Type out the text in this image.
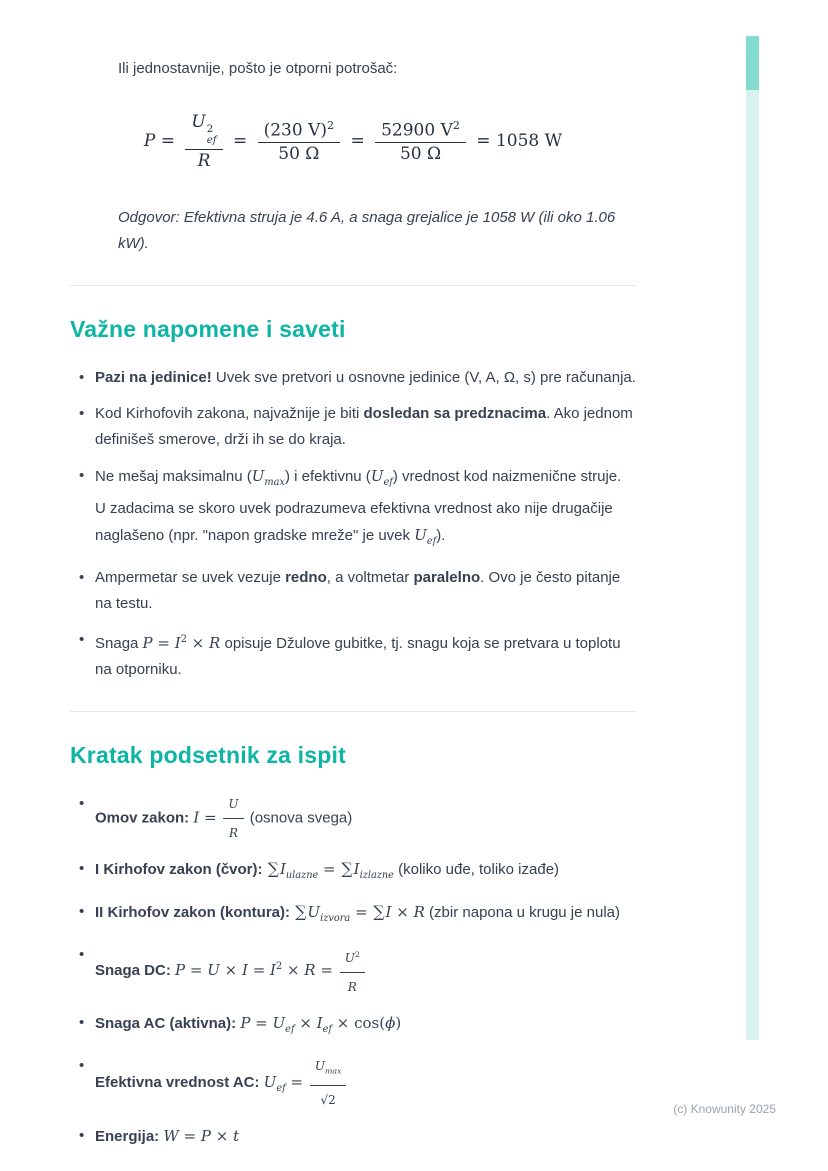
Ili jednostavnije, pošto je otporni potrošač:

P = U 2
ef
$R = \frac{(230 V)^2}{50 \Omega} = \frac{52900 V^2}{50 \Omega} = 1058$ W

Odgovor: Efektivna struja je 4.6 A, a snaga grejalice je 1058 W (ili oko 1.06 kW).

Važne napomene i saveti
•
Pazi na jedinice! Uvek sve pretvori u osnovne jedinice (V, A, Ω, s) pre računanja.
•
Kod Kirhofovih zakona, najvažnije je biti dosledan sa predznacima. Ako jednom definišeš smerove, drži ih se do kraja.
•
Ne mešaj maksimalnu $(U_{max})$ i efektivnu $(U_{ef})$ vrednost kod naizmenične struje. U zadacima se skoro uvek podrazumeva efektivna vrednost ako nije drugačije naglašeno (npr. "napon gradske mreže" je uvek $U_{ef}$).
•
Ampermetar se uvek vezuje redno, a voltmetar paralelno. Ovo je često pitanje na testu.
•
Snaga $P = I^2 \times R$ opisuje Džulove gubitke, tj. snagu koja se pretvara u toplotu na otporniku.
Kratak podsetnik za ispit
•
Omov zakon: $I = \frac{U}{R}$ (osnova svega)
•
I Kirhofov zakon (čvor): $\sum I_{ulazne} = \sum I_{izlazne}$ (koliko uđe, toliko izađe)
•
II Kirhofov zakon (kontura): $\sum U_{izvora} = \sum I \times R$ (zbir napona u krugu je nula)
•
Snaga DC: $P = U \times I = I^2 \times R = \frac{U^2}{R}$
•
Snaga AC (aktivna): $P = U_{ef} \times I_{ef} \times \cos(\phi)$
•
Efektivna vrednost AC: $U_{ef} = \frac{U_{max}}{√2}$
•
Energija: W = P × t
(c) Knowunity 2025
